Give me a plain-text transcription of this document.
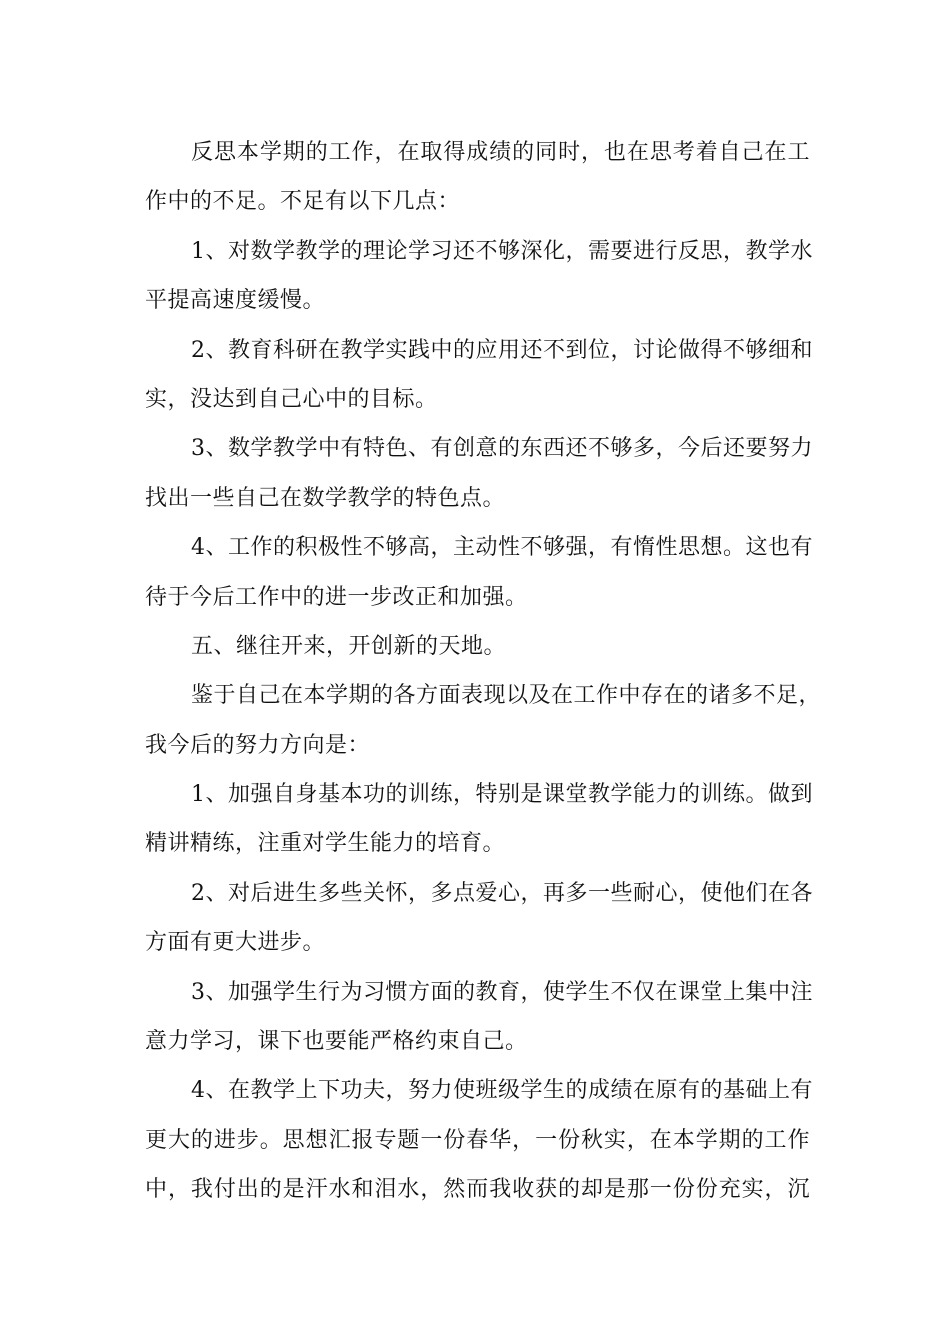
反思本学期的工作，在取得成绩的同时，也在思考着自己在工
作中的不足。不足有以下几点：
1、对数学教学的理论学习还不够深化，需要进行反思，教学水
平提高速度缓慢。
2、教育科研在教学实践中的应用还不到位，讨论做得不够细和
实，没达到自己心中的目标。
3、数学教学中有特色、有创意的东西还不够多，今后还要努力
找出一些自己在数学教学的特色点。
4、工作的积极性不够高，主动性不够强，有惰性思想。这也有
待于今后工作中的进一步改正和加强。
五、继往开来，开创新的天地。
鉴于自己在本学期的各方面表现以及在工作中存在的诸多不足，
我今后的努力方向是：
1、加强自身基本功的训练，特别是课堂教学能力的训练。做到
精讲精练，注重对学生能力的培育。
2、对后进生多些关怀，多点爱心，再多一些耐心，使他们在各
方面有更大进步。
3、加强学生行为习惯方面的教育，使学生不仅在课堂上集中注
意力学习，课下也要能严格约束自己。
4、在教学上下功夫，努力使班级学生的成绩在原有的基础上有
更大的进步。思想汇报专题一份春华，一份秋实，在本学期的工作
中，我付出的是汗水和泪水，然而我收获的却是那一份份充实，沉
